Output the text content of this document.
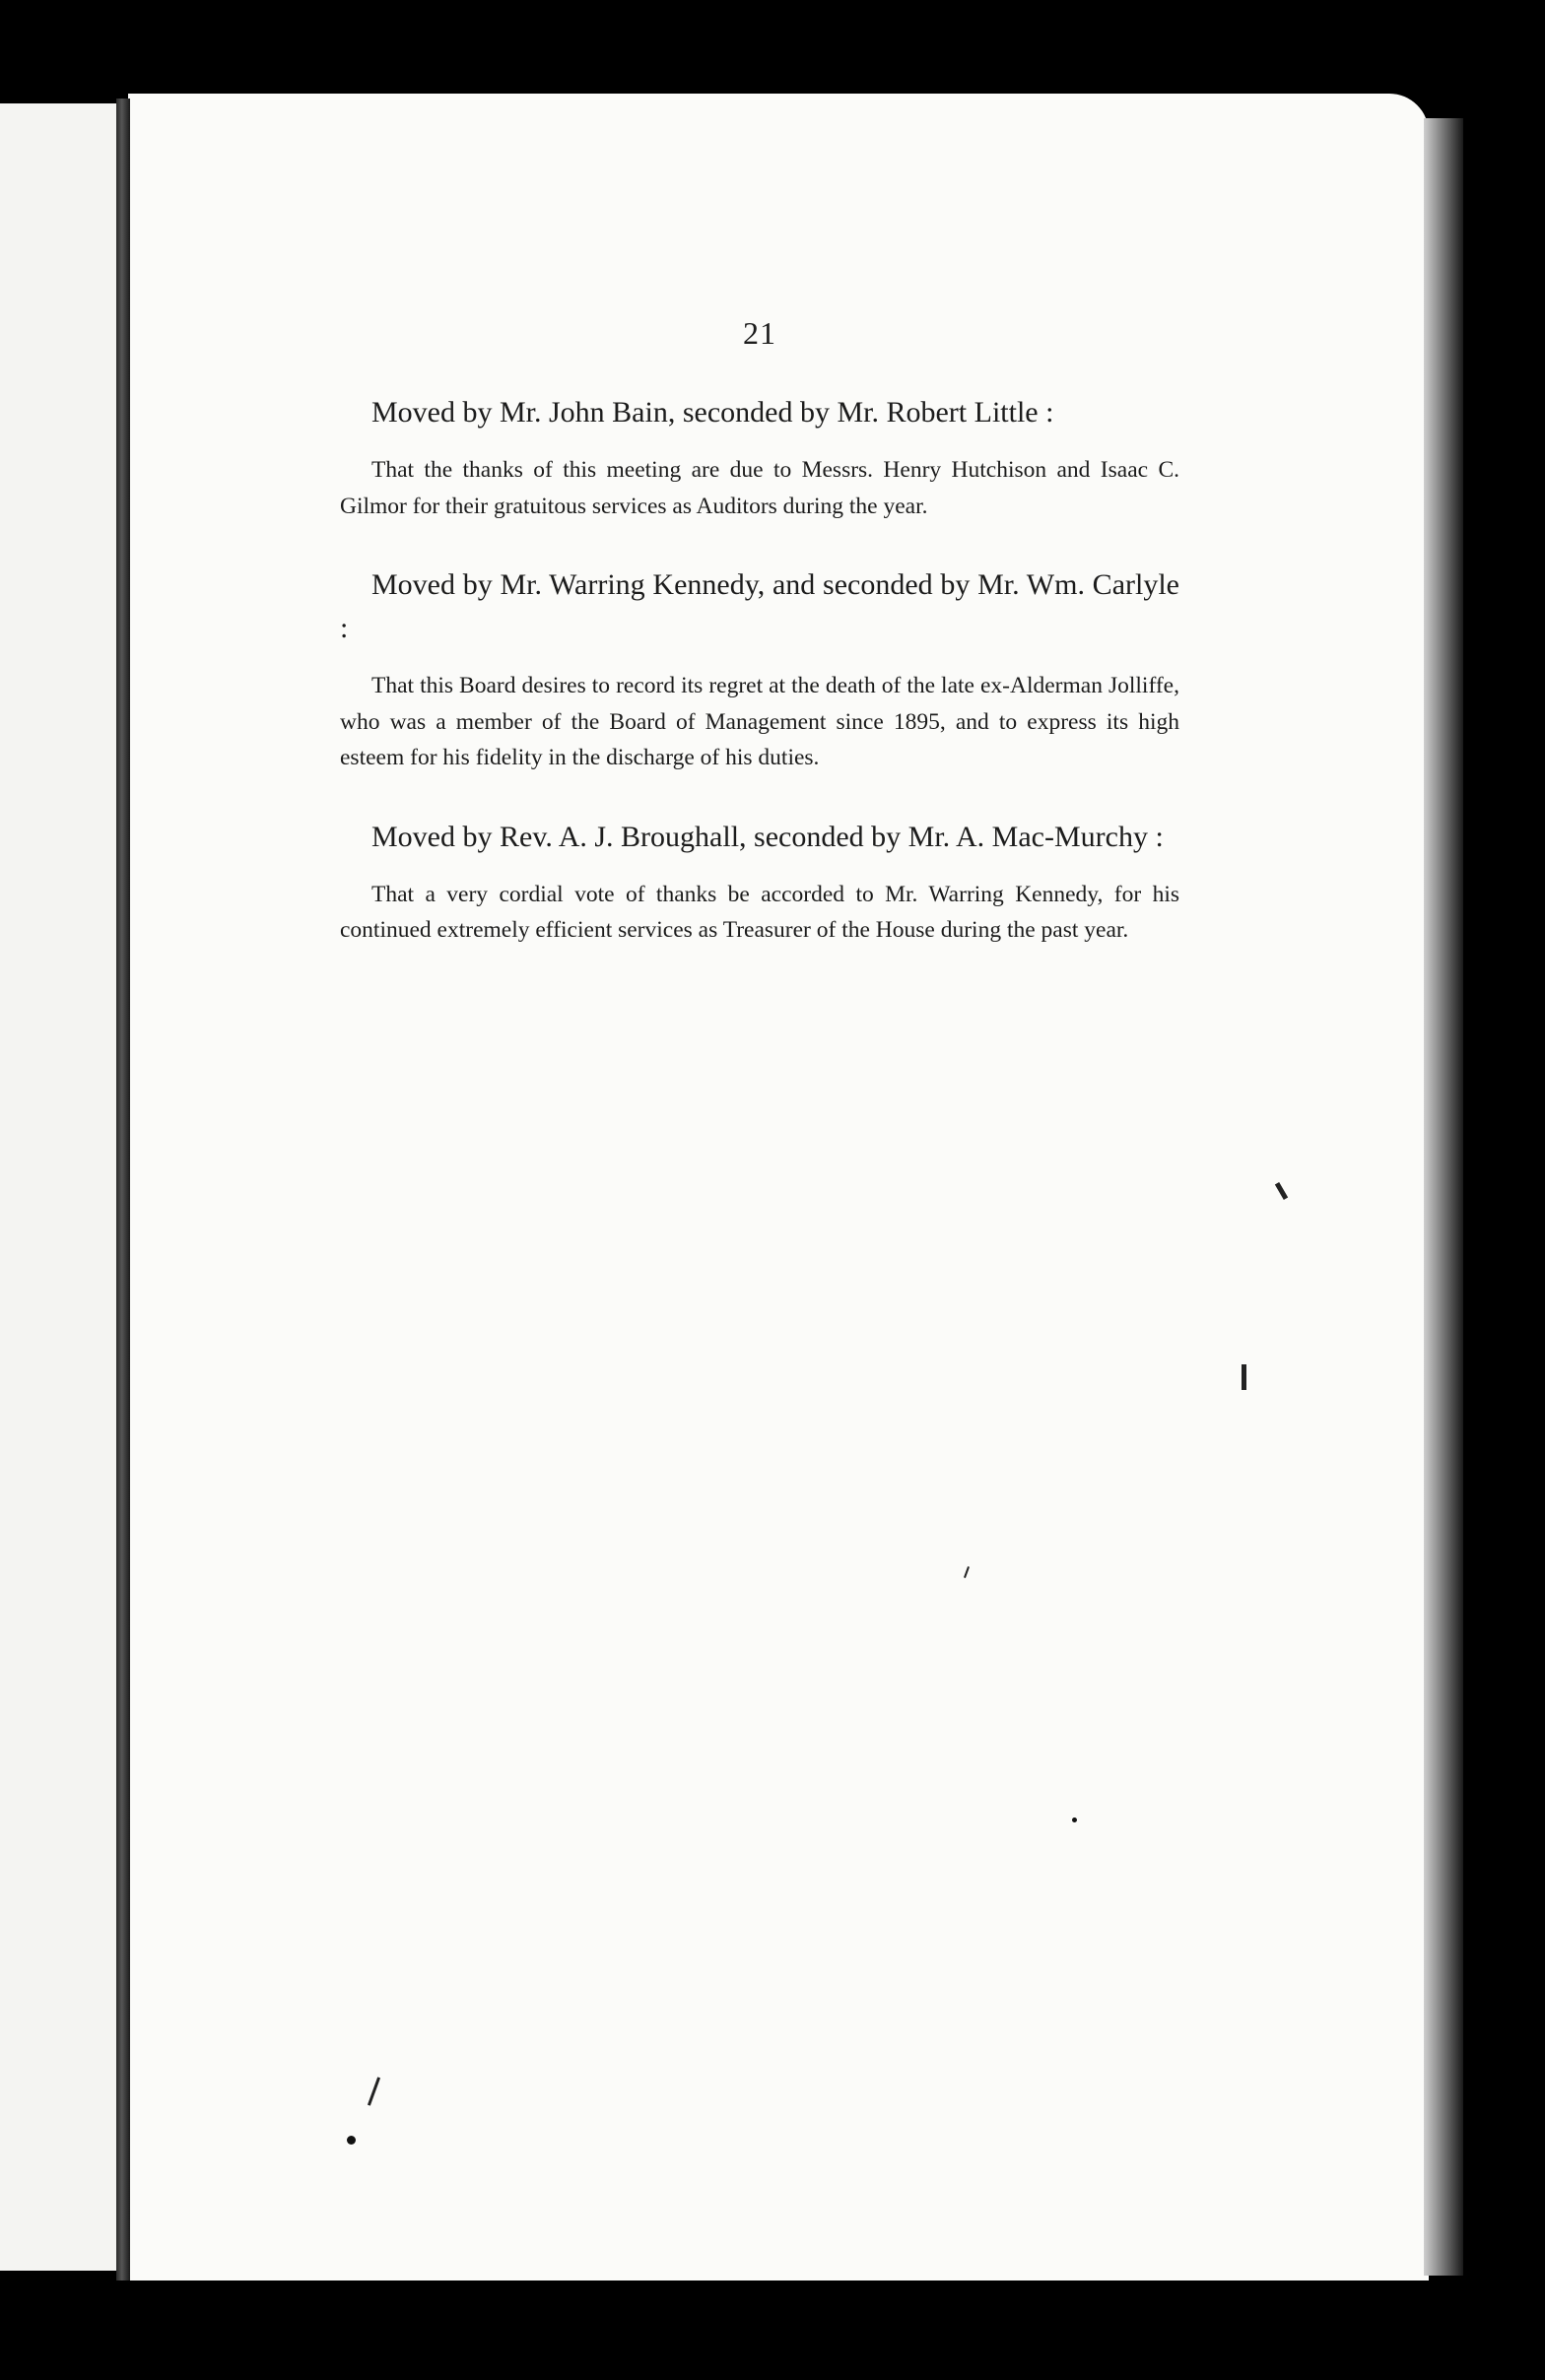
21

Moved by Mr. John Bain, seconded by Mr. Robert Little :

That the thanks of this meeting are due to Messrs. Henry Hutchison and Isaac C. Gilmor for their gratuitous services as Auditors during the year.

Moved by Mr. Warring Kennedy, and seconded by Mr. Wm. Carlyle :

That this Board desires to record its regret at the death of the late ex-Alderman Jolliffe, who was a member of the Board of Management since 1895, and to express its high esteem for his fidelity in the discharge of his duties.

Moved by Rev. A. J. Broughall, seconded by Mr. A. Mac-Murchy :

That a very cordial vote of thanks be accorded to Mr. Warring Kennedy, for his continued extremely efficient services as Treasurer of the House during the past year.
